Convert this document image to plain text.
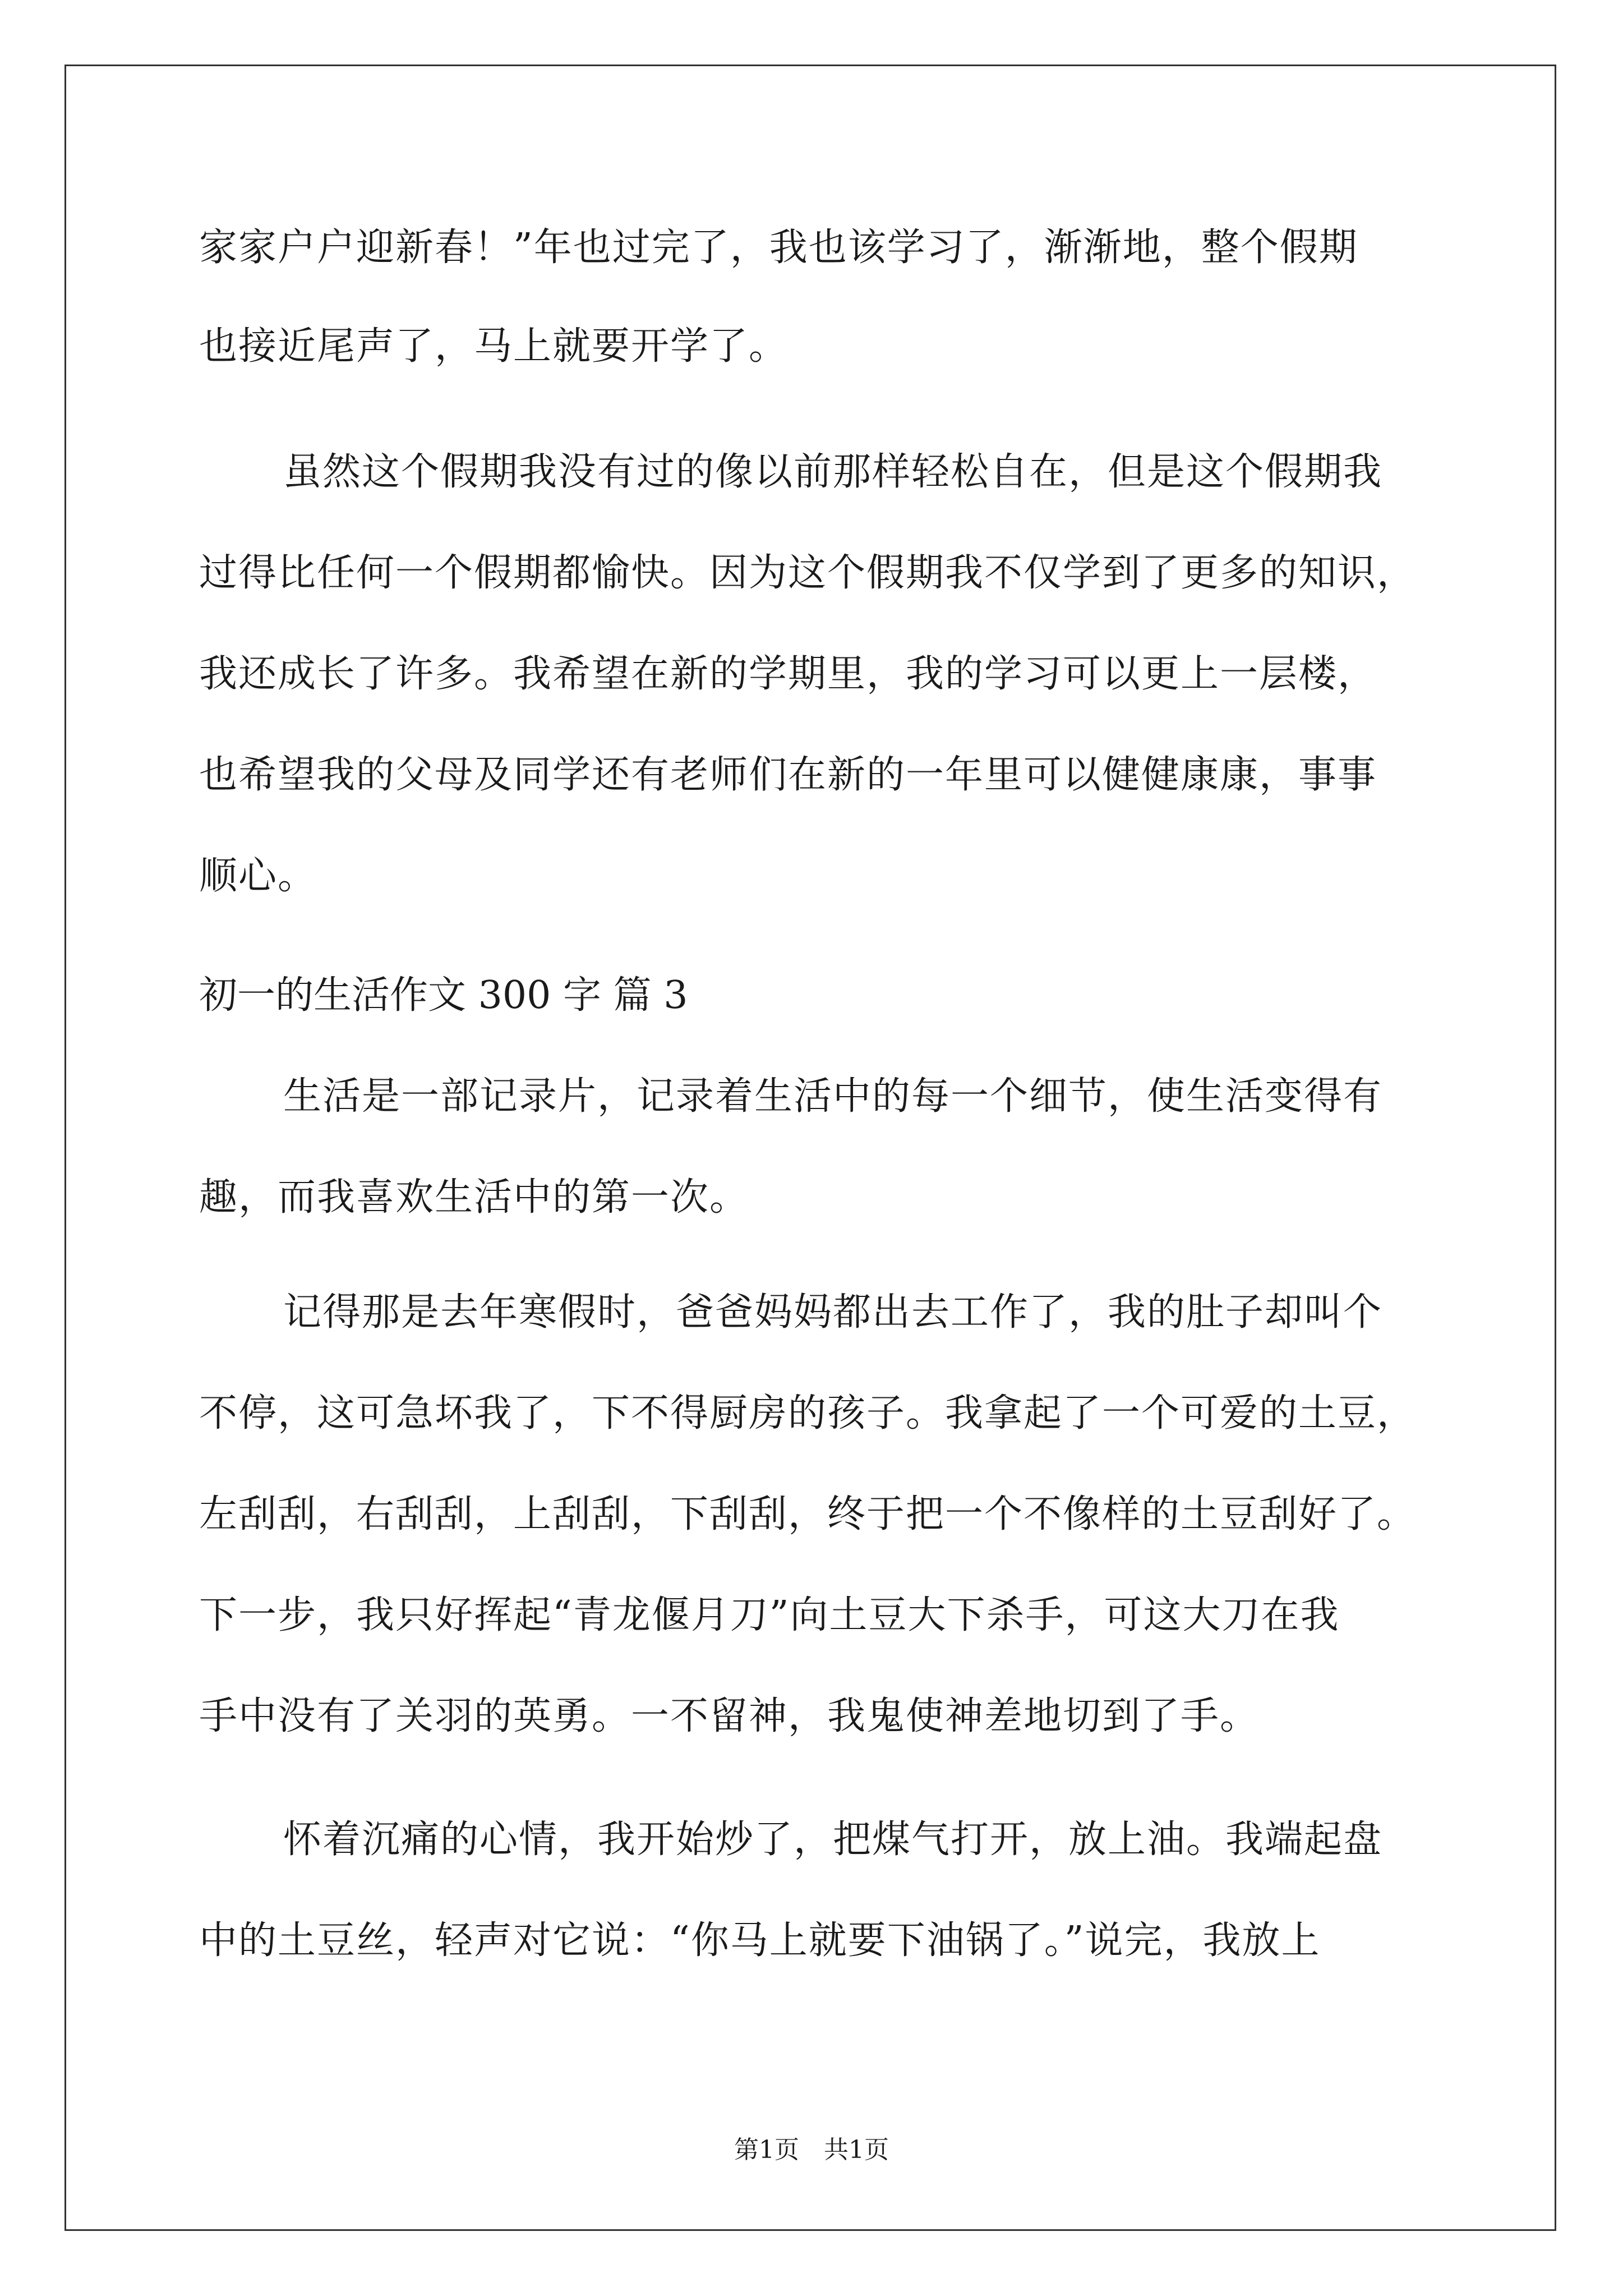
家家户户迎新春！”年也过完了，我也该学习了，渐渐地，整个假期
也接近尾声了，马上就要开学了。
虽然这个假期我没有过的像以前那样轻松自在，但是这个假期我
过得比任何一个假期都愉快。因为这个假期我不仅学到了更多的知识，
我还成长了许多。我希望在新的学期里，我的学习可以更上一层楼，
也希望我的父母及同学还有老师们在新的一年里可以健健康康，事事
顺心。
初一的生活作文 300 字 篇 3
生活是一部记录片，记录着生活中的每一个细节，使生活变得有
趣，而我喜欢生活中的第一次。
记得那是去年寒假时，爸爸妈妈都出去工作了，我的肚子却叫个
不停，这可急坏我了，下不得厨房的孩子。我拿起了一个可爱的土豆，
左刮刮，右刮刮，上刮刮，下刮刮，终于把一个不像样的土豆刮好了。
下一步，我只好挥起“青龙偃月刀”向土豆大下杀手，可这大刀在我
手中没有了关羽的英勇。一不留神，我鬼使神差地切到了手。
怀着沉痛的心情，我开始炒了，把煤气打开，放上油。我端起盘
中的土豆丝，轻声对它说：“你马上就要下油锅了。”说完，我放上
第1页　共1页
